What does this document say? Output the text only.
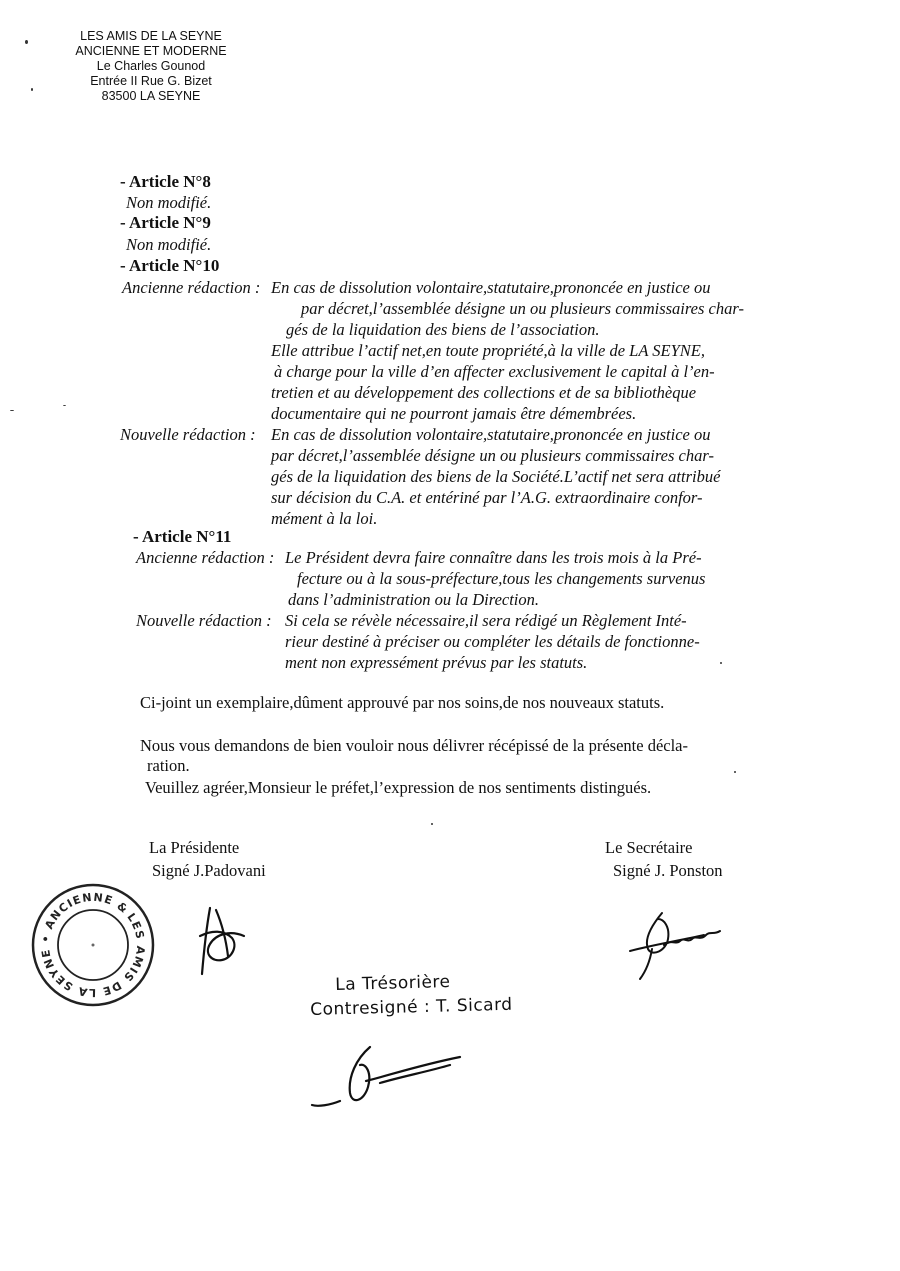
LES AMIS DE LA SEYNE
ANCIENNE ET MODERNE
Le Charles Gounod
Entrée II Rue G. Bizet
83500 LA SEYNE
- Article N°8
Non modifié.
- Article N°9
Non modifié.
- Article N°10
Ancienne rédaction : En cas de dissolution volontaire,statutaire,prononcée en justice ou
par décret,l’assemblée désigne un ou plusieurs commissaires char-
gés de la liquidation des biens de l’association.
Elle attribue l’actif net,en toute propriété,à la ville de LA SEYNE,
à charge pour la ville d’en affecter exclusivement le capital à l’en-
tretien et au développement des collections et de sa bibliothèque
documentaire qui ne pourront jamais être démembrées.
Nouvelle rédaction : En cas de dissolution volontaire,statutaire,prononcée en justice ou
par décret,l’assemblée désigne un ou plusieurs commissaires char-
gés de la liquidation des biens de la Société.L’actif net sera attribué
sur décision du C.A. et entériné par l’A.G. extraordinaire confor-
mément à la loi.
- Article N°11
Ancienne rédaction : Le Président devra faire connaître dans les trois mois à la Pré-
fecture ou à la sous-préfecture,tous les changements survenus
dans l’administration ou la Direction.
Nouvelle rédaction : Si cela se révèle nécessaire,il sera rédigé un Règlement Inté-
rieur destiné à préciser ou compléter les détails de fonctionne-
ment non expressément prévus par les statuts.
Ci-joint un exemplaire,dûment approuvé par nos soins,de nos nouveaux statuts.
Nous vous demandons de bien vouloir nous délivrer récépissé de la présente décla-
ration.
Veuillez agréer,Monsieur le préfet,l’expression de nos sentiments distingués.
La Présidente
Signé J.Padovani
Le Secrétaire
Signé J. Ponston
La Trésorière
Contresigné : T. Sicard
LES AMIS DE LA SEYNE • ANCIENNE &
